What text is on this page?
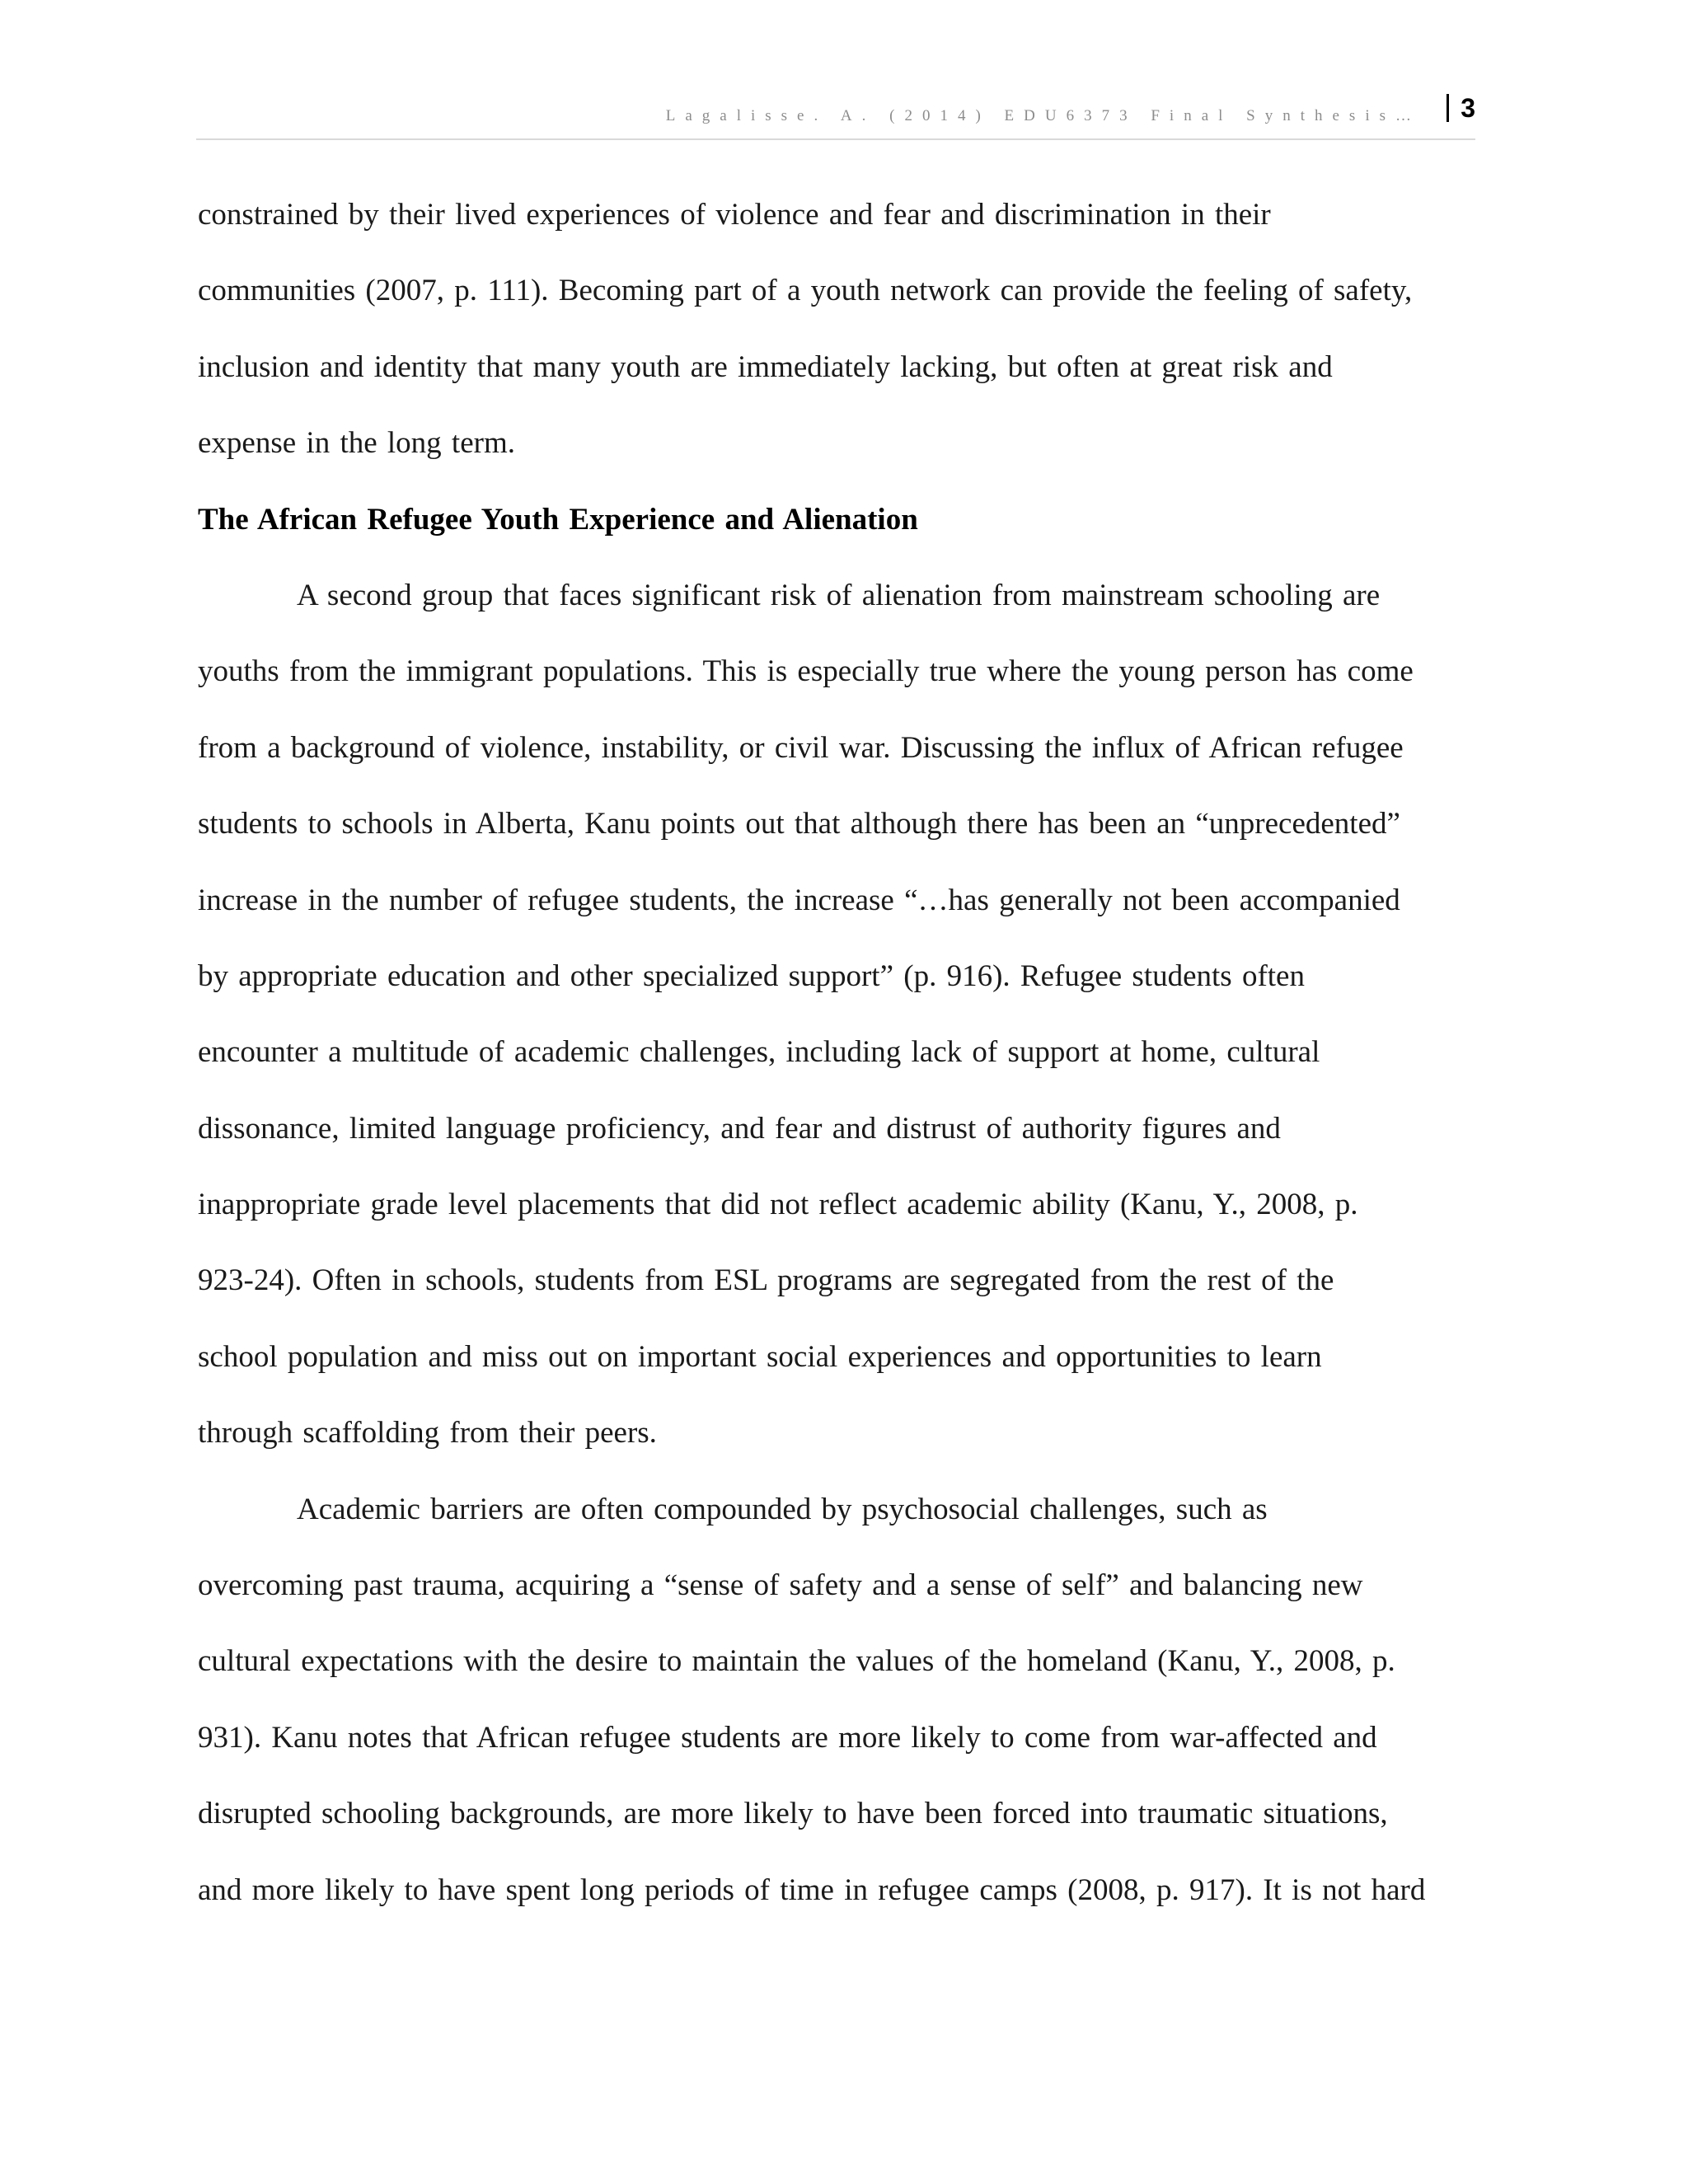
Lagalisse. A. (2014) EDU6373 Final Synthesis…	3
constrained by their lived experiences of violence and fear and discrimination in their
communities (2007, p. 111). Becoming part of a youth network can provide the feeling of safety,
inclusion and identity that many youth are immediately lacking, but often at great risk and
expense in the long term.
The African Refugee Youth Experience and Alienation
A second group that faces significant risk of alienation from mainstream schooling are
youths from the immigrant populations. This is especially true where the young person has come
from a background of violence, instability, or civil war. Discussing the influx of African refugee
students to schools in Alberta, Kanu points out that although there has been an “unprecedented”
increase in the number of refugee students, the increase “…has generally not been accompanied
by appropriate education and other specialized support” (p. 916). Refugee students often
encounter a multitude of academic challenges, including lack of support at home, cultural
dissonance, limited language proficiency, and fear and distrust of authority figures and
inappropriate grade level placements that did not reflect academic ability (Kanu, Y., 2008, p.
923-24). Often in schools, students from ESL programs are segregated from the rest of the
school population and miss out on important social experiences and opportunities to learn
through scaffolding from their peers.
Academic barriers are often compounded by psychosocial challenges, such as
overcoming past trauma, acquiring a “sense of safety and a sense of self” and balancing new
cultural expectations with the desire to maintain the values of the homeland (Kanu, Y., 2008, p.
931). Kanu notes that African refugee students are more likely to come from war-affected and
disrupted schooling backgrounds, are more likely to have been forced into traumatic situations,
and more likely to have spent long periods of time in refugee camps (2008, p. 917). It is not hard
